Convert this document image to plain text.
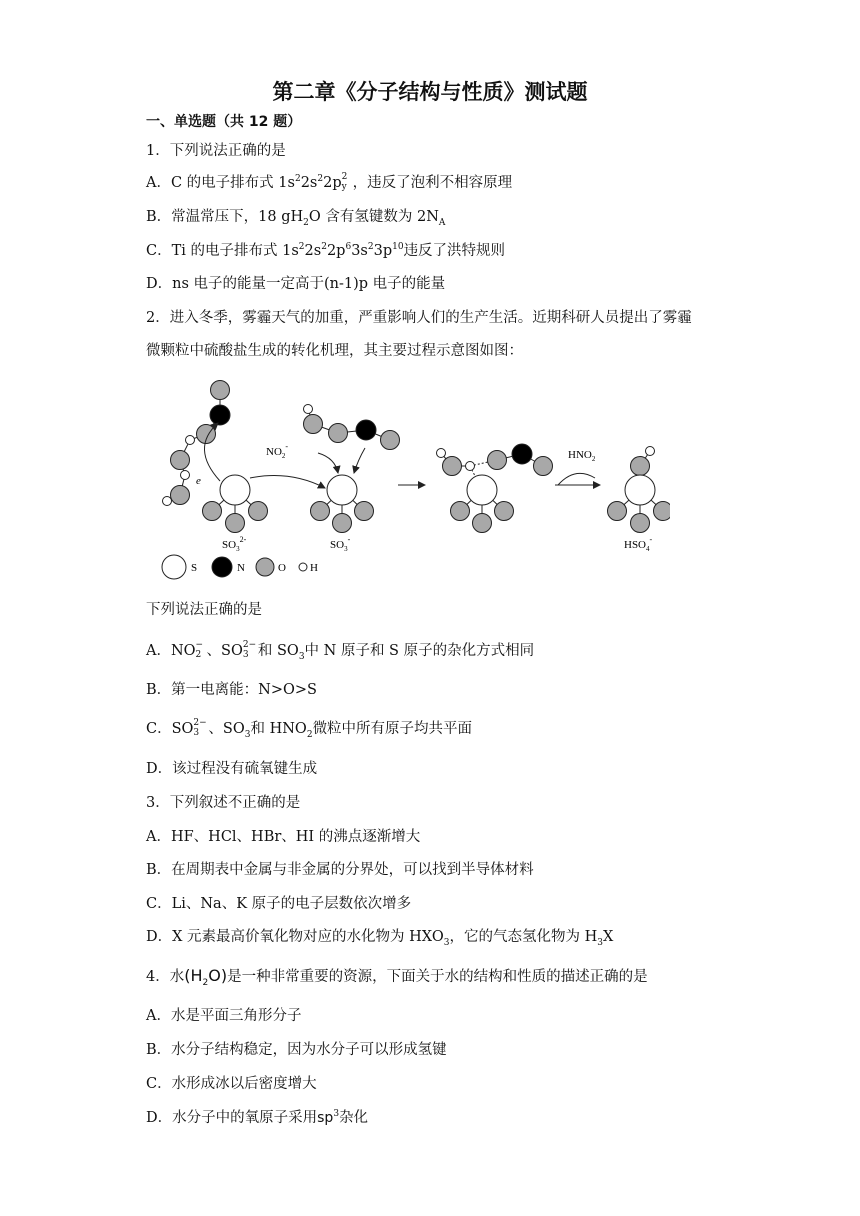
第二章《分子结构与性质》测试题
一、单选题（共 12 题）
1．下列说法正确的是
A．C 的电子排布式 $1s^22s^22p$ 2
y ，违反了泡利不相容原理
B．常温常压下，18 $gH_2O$ 含有氢键数为 $2N_A$
C．Ti 的电子排布式 $1s^22s^22p^63s^23p^{10}$违反了洪特规则
D．ns 电子的能量一定高于(n-1)p 电子的能量
2．进入冬季，雾霾天气的加重，严重影响人们的生产生活。近期科研人员提出了雾霾
微颗粒中硫酸盐生成的转化机理，其主要过程示意图如图：
e
$NO_2^-$
$SO_3^{2-}$	$SO_3^-$
$HNO_2$
$HSO_4^-$
S	N	O H
下列说法正确的是
A．NO −
2 、SO 2−
3 和 $SO_3$中 N 原子和 S 原子的杂化方式相同
B．第一电离能：N>O>S
C．SO 2−
3 、$SO_3$和 $HNO_2$微粒中所有原子均共平面
D．该过程没有硫氧键生成
3．下列叙述不正确的是
A．HF、HCl、HBr、HI 的沸点逐渐增大
B．在周期表中金属与非金属的分界处，可以找到半导体材料
C．Li、Na、K 原子的电子层数依次增多
D．X 元素最高价氧化物对应的水化物为 $HXO_3$，它的气态氢化物为 $H_3X$
4．水$(H_2O)$是一种非常重要的资源，下面关于水的结构和性质的描述正确的是
A．水是平面三角形分子
B．水分子结构稳定，因为水分子可以形成氢键
C．水形成冰以后密度增大
D．水分子中的氧原子采用$sp^3$杂化
